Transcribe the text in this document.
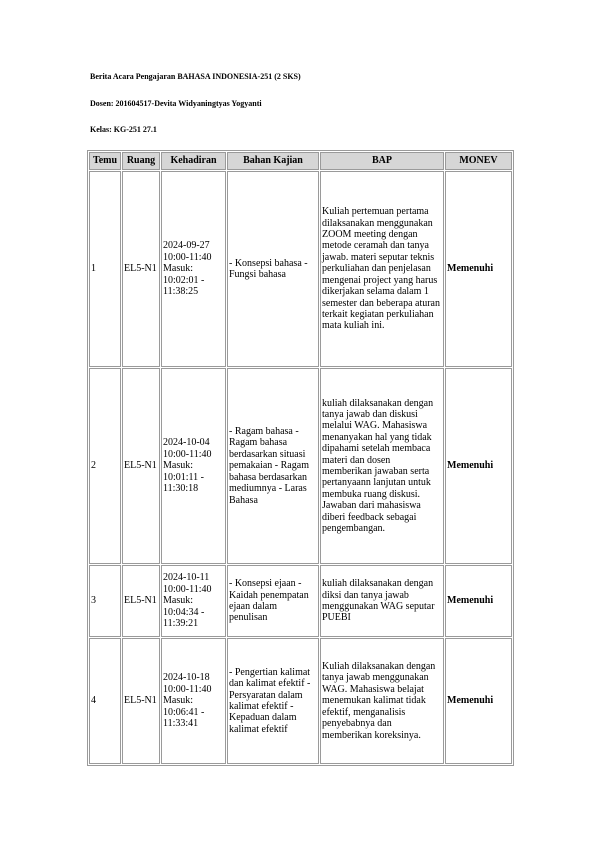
Berita Acara Pengajaran BAHASA INDONESIA-251 (2 SKS)
Dosen: 201604517-Devita Widyaningtyas Yogyanti
Kelas: KG-251 27.1
Temu	Ruang	Kehadiran	Bahan Kajian	BAP	MONEV
1	EL5-N1	2024-09-27 10:00-11:40 Masuk: 10:02:01 - 11:38:25	- Konsepsi bahasa - Fungsi bahasa	Kuliah pertemuan pertama dilaksanakan menggunakan ZOOM meeting dengan metode ceramah dan tanya jawab. materi seputar teknis perkuliahan dan penjelasan mengenai project yang harus dikerjakan selama dalam 1 semester dan beberapa aturan terkait kegiatan perkuliahan mata kuliah ini.	Memenuhi
2	EL5-N1	2024-10-04 10:00-11:40 Masuk: 10:01:11 - 11:30:18	- Ragam bahasa - Ragam bahasa berdasarkan situasi pemakaian - Ragam bahasa berdasarkan mediumnya - Laras Bahasa	kuliah dilaksanakan dengan tanya jawab dan diskusi melalui WAG. Mahasiswa menanyakan hal yang tidak dipahami setelah membaca materi dan dosen memberikan jawaban serta pertanyaann lanjutan untuk membuka ruang diskusi. Jawaban dari mahasiswa diberi feedback sebagai pengembangan.	Memenuhi
3	EL5-N1	2024-10-11 10:00-11:40 Masuk: 10:04:34 - 11:39:21	- Konsepsi ejaan - Kaidah penempatan ejaan dalam penulisan	kuliah dilaksanakan dengan diksi dan tanya jawab menggunakan WAG seputar PUEBI	Memenuhi
4	EL5-N1	2024-10-18 10:00-11:40 Masuk: 10:06:41 - 11:33:41	- Pengertian kalimat dan kalimat efektif - Persyaratan dalam kalimat efektif - Kepaduan dalam kalimat efektif	Kuliah dilaksanakan dengan tanya jawab menggunakan WAG. Mahasiswa belajat menemukan kalimat tidak efektif, menganalisis penyebabnya dan memberikan koreksinya.	Memenuhi
